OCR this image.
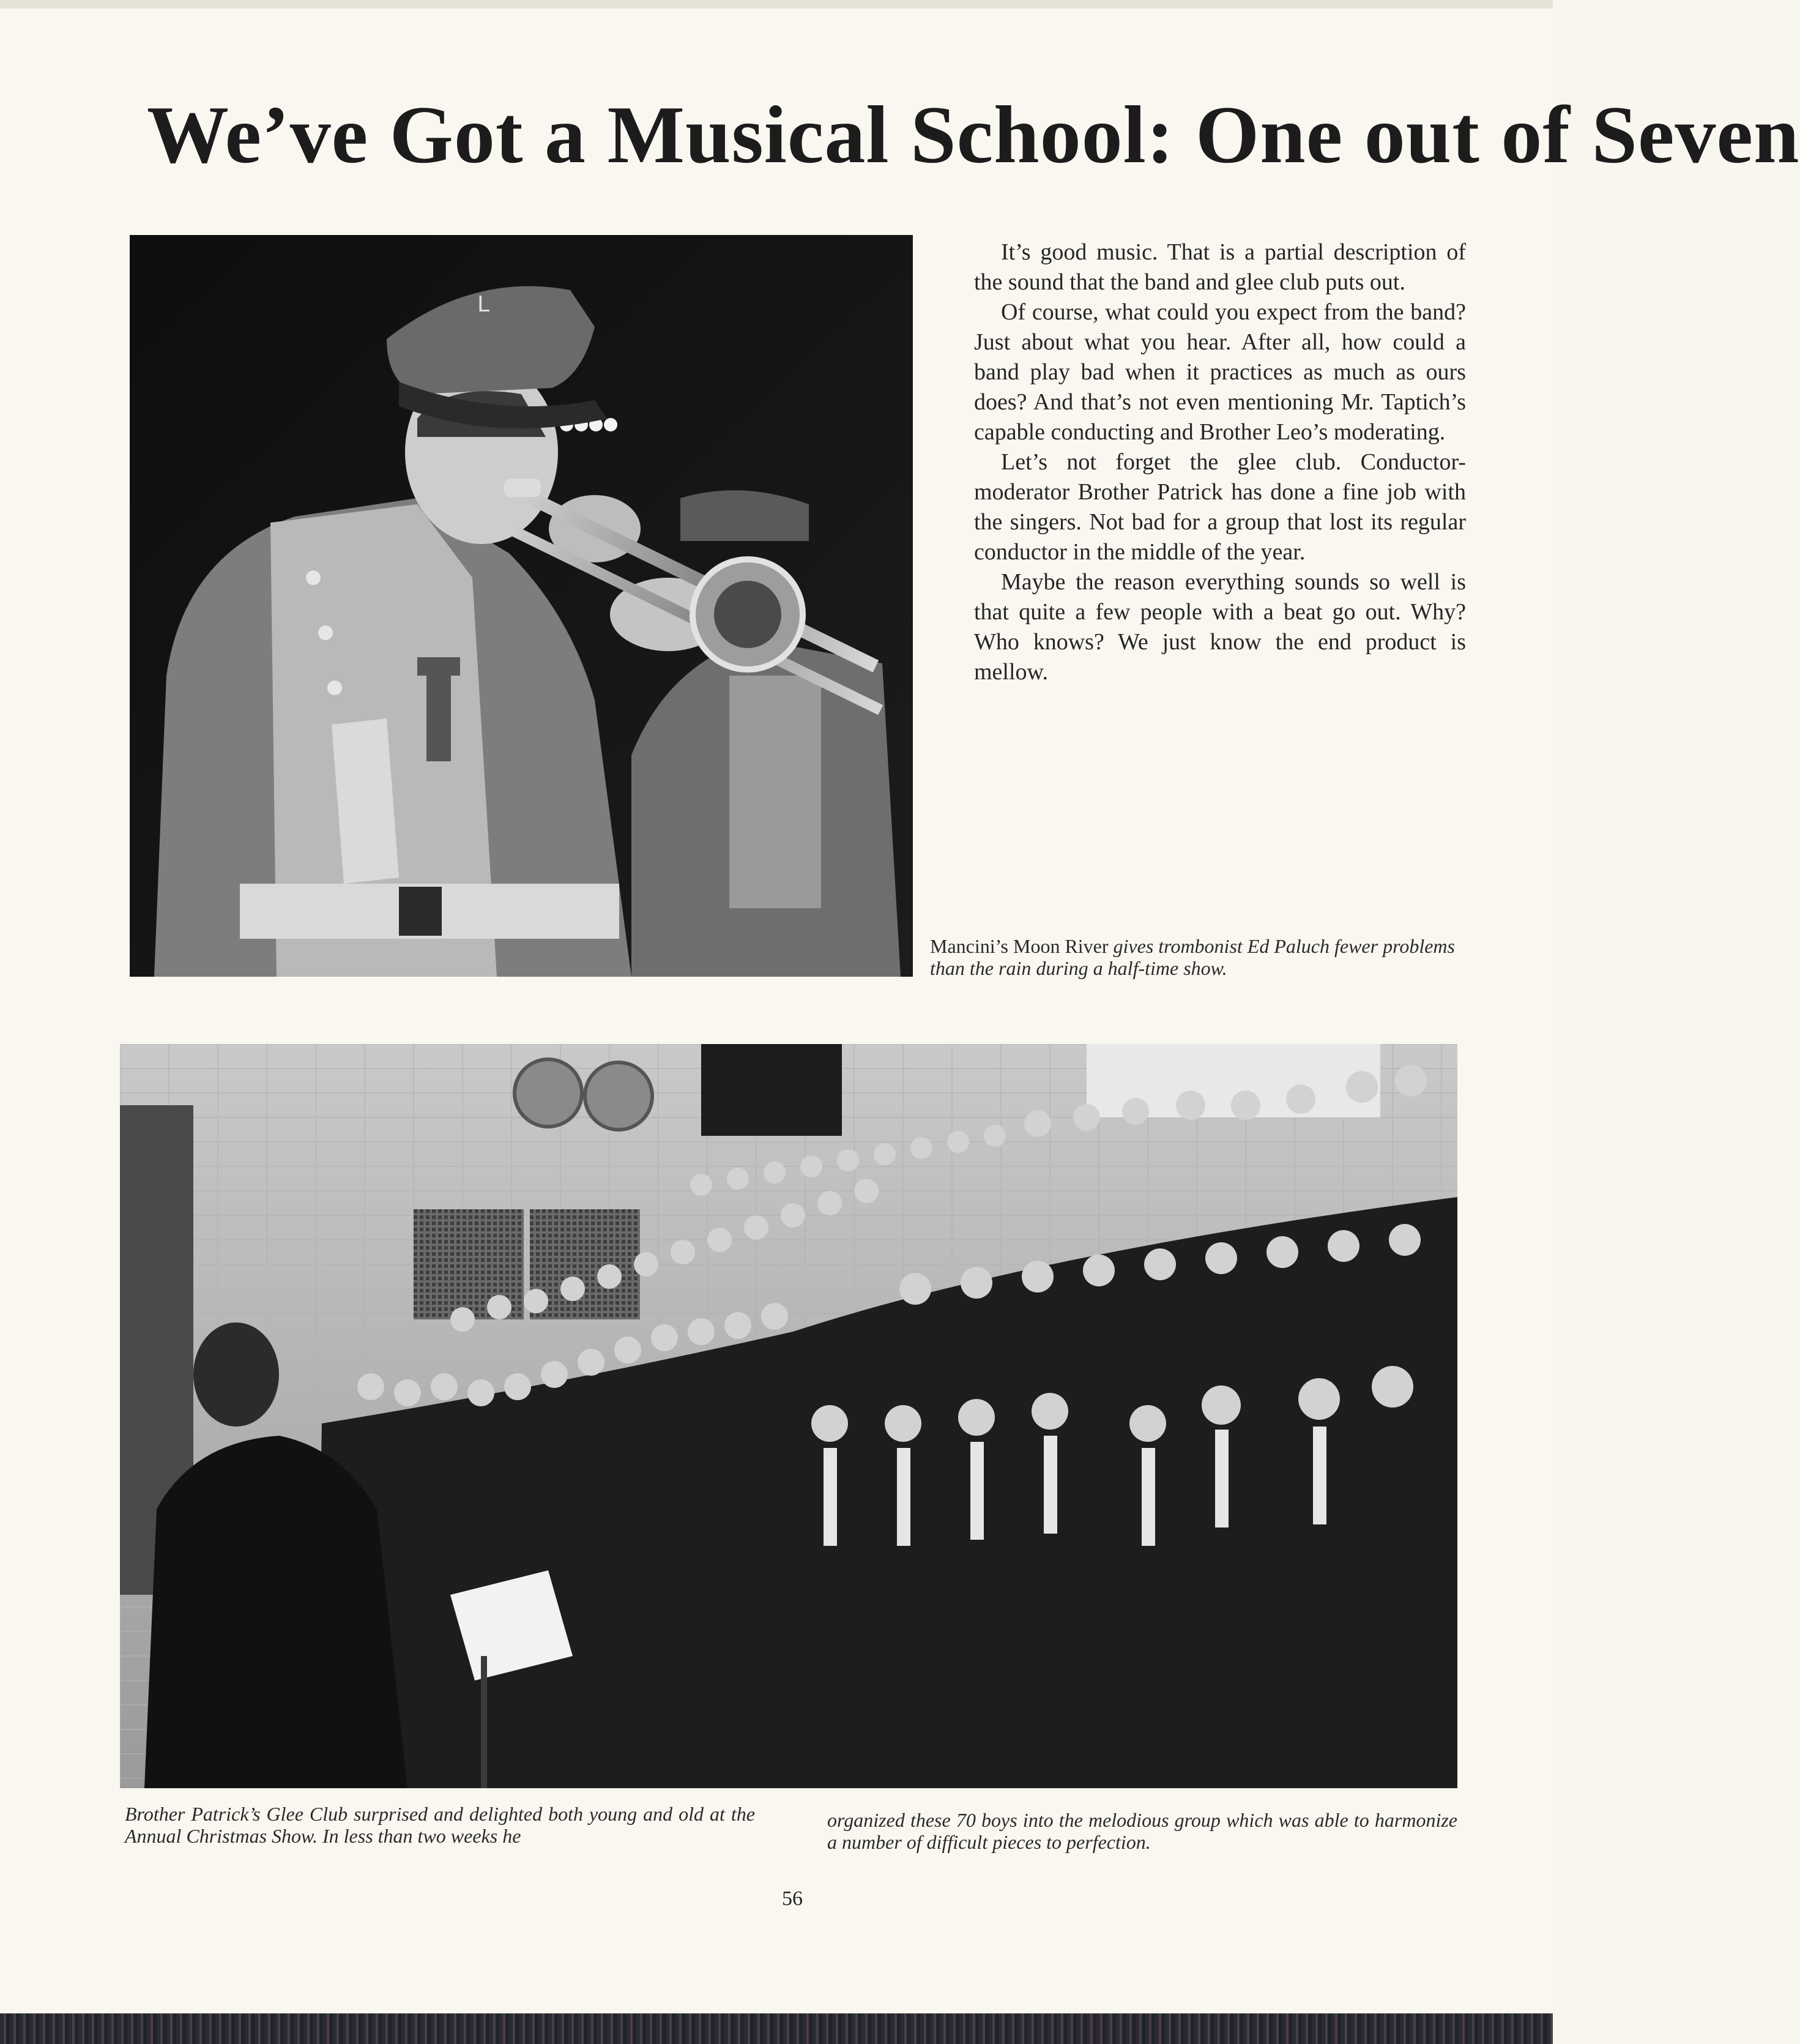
We’ve Got a Musical School: One out of Seven
L

It’s good music. That is a partial description of the sound that the band and glee club puts out.

Of course, what could you expect from the band? Just about what you hear. After all, how could a band play bad when it practices as much as ours does? And that’s not even mentioning Mr. Taptich’s capable conducting and Brother Leo’s moderating.

Let’s not forget the glee club. Conductor-moderator Brother Patrick has done a fine job with the singers. Not bad for a group that lost its regular conductor in the middle of the year.

Maybe the reason everything sounds so well is that quite a few people with a beat go out. Why? Who knows? We just know the end product is mellow.

Mancini’s Moon River gives trombonist Ed Paluch fewer problems than the rain during a half-time show.
Brother Patrick’s Glee Club surprised and delighted both young and old at the Annual Christmas Show. In less than two weeks he
organized these 70 boys into the melodious group which was able to harmonize a number of difficult pieces to perfection.
56
